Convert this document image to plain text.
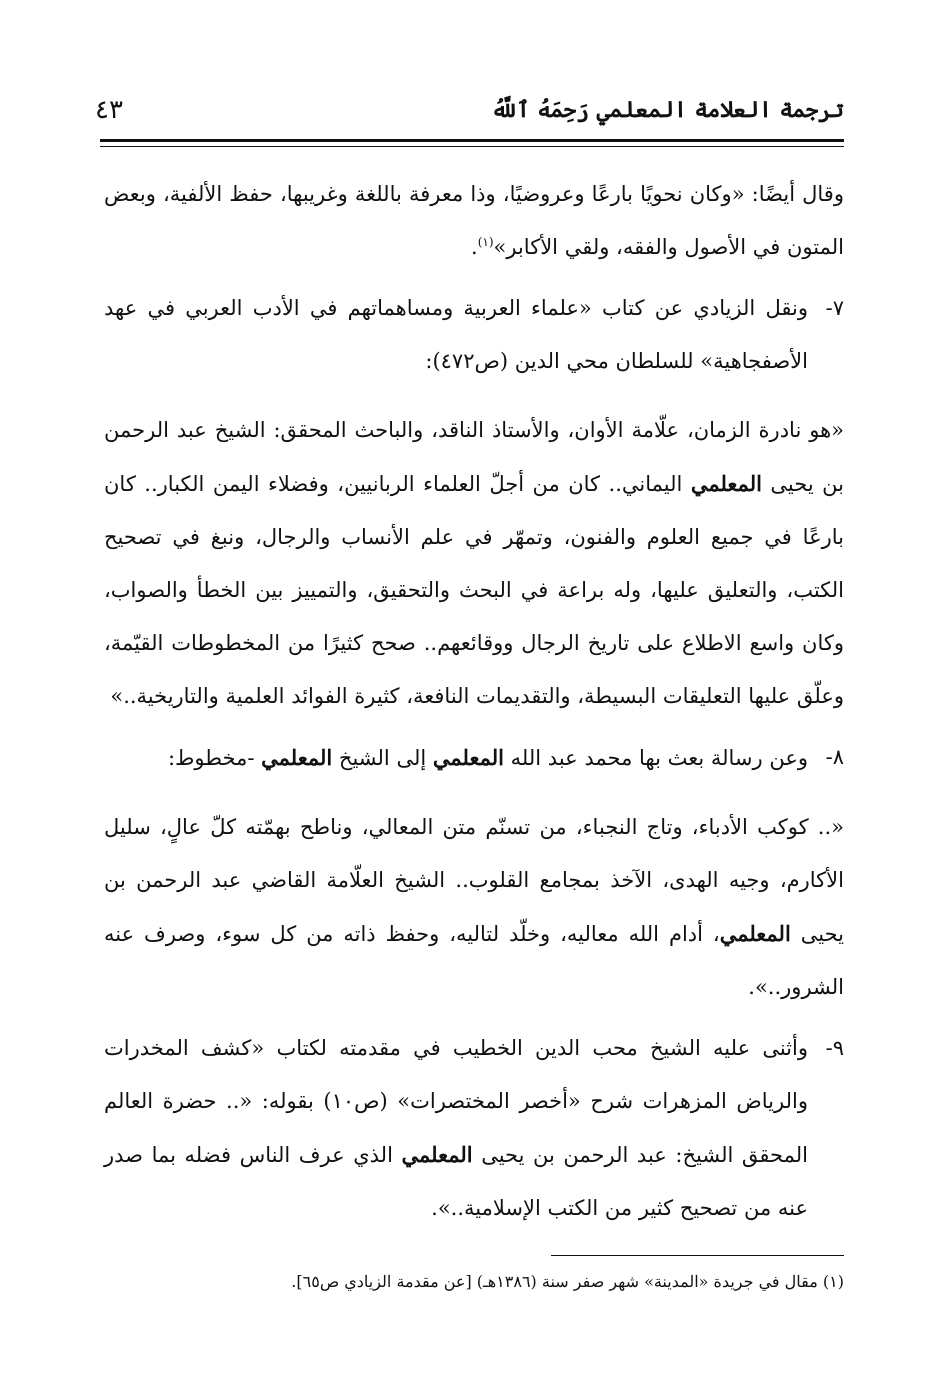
ترجمة العلامة المعلمي رَحِمَهُ ٱللَّهُ
٤٣

وقال أيضًا: «وكان نحويًا بارعًا وعروضيًا، وذا معرفة باللغة وغريبها، حفظ الألفية، وبعض المتون في الأصول والفقه، ولقي الأكابر»$^{(١)}$.

٧-

ونقل الزيادي عن كتاب «علماء العربية ومساهماتهم في الأدب العربي في عهد الأصفجاهية» للسلطان محي الدين (ص٤٧٢):

«هو نادرة الزمان، علّامة الأوان، والأستاذ الناقد، والباحث المحقق: الشيخ عبد الرحمن بن يحيى المعلمي اليماني.. كان من أجلّ العلماء الربانيين، وفضلاء اليمن الكبار.. كان بارعًا في جميع العلوم والفنون، وتمهّر في علم الأنساب والرجال، ونبغ في تصحيح الكتب، والتعليق عليها، وله براعة في البحث والتحقيق، والتمييز بين الخطأ والصواب، وكان واسع الاطلاع على تاريخ الرجال ووقائعهم.. صحح كثيرًا من المخطوطات القيّمة، وعلّق عليها التعليقات البسيطة، والتقديمات النافعة، كثيرة الفوائد العلمية والتاريخية..»

٨-

وعن رسالة بعث بها محمد عبد الله المعلمي إلى الشيخ المعلمي -مخطوط:

«.. كوكب الأدباء، وتاج النجباء، من تسنّم متن المعالي، وناطح بهمّته كلّ عالٍ، سليل الأكارم، وجيه الهدى، الآخذ بمجامع القلوب.. الشيخ العلّامة القاضي عبد الرحمن بن يحيى المعلمي، أدام الله معاليه، وخلّد لتاليه، وحفظ ذاته من كل سوء، وصرف عنه الشرور..».

٩-

وأثنى عليه الشيخ محب الدين الخطيب في مقدمته لكتاب «كشف المخدرات والرياض المزهرات شرح «أخصر المختصرات» (ص١٠) بقوله: «.. حضرة العالم المحقق الشيخ: عبد الرحمن بن يحيى المعلمي الذي عرف الناس فضله بما صدر عنه من تصحيح كثير من الكتب الإسلامية..».

(١) مقال في جريدة «المدينة» شهر صفر سنة (١٣٨٦هـ) [عن مقدمة الزيادي ص٦٥].
